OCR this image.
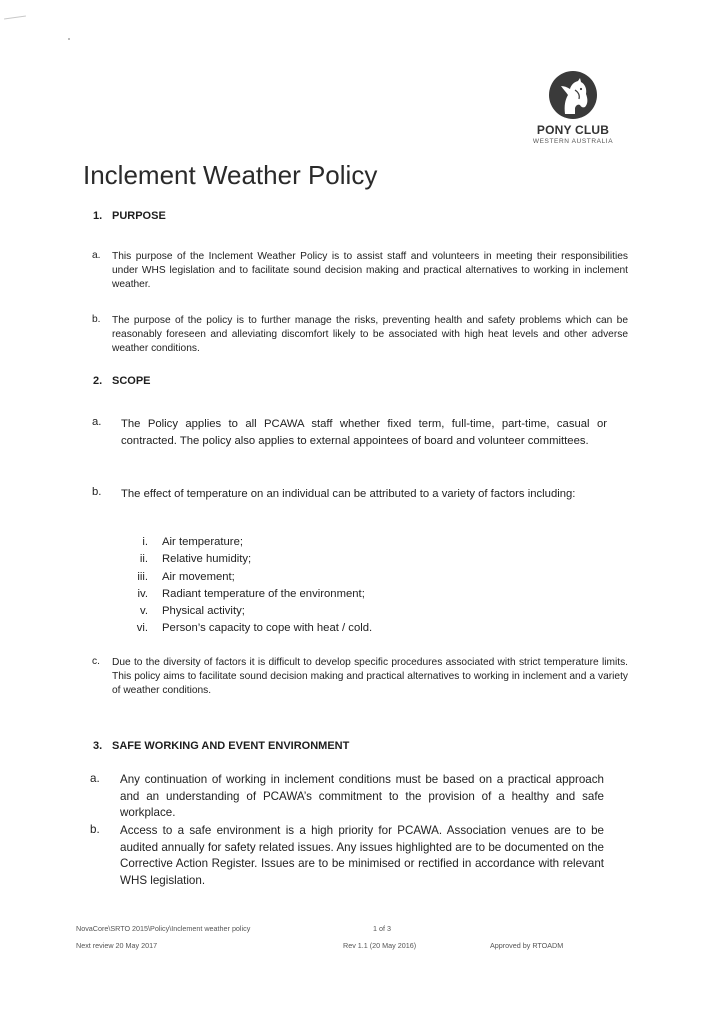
PONY CLUB
WESTERN AUSTRALIA
Inclement Weather Policy
1. PURPOSE
a. This purpose of the Inclement Weather Policy is to assist staff and volunteers in meeting their responsibilities under WHS legislation and to facilitate sound decision making and practical alternatives to working in inclement weather.
b. The purpose of the policy is to further manage the risks, preventing health and safety problems which can be reasonably foreseen and alleviating discomfort likely to be associated with high heat levels and other adverse weather conditions.
2. SCOPE
a. The Policy applies to all PCAWA staff whether fixed term, full-time, part-time, casual or contracted. The policy also applies to external appointees of board and volunteer committees.
b. The effect of temperature on an individual can be attributed to a variety of factors including:
i. Air temperature;
ii. Relative humidity;
iii. Air movement;
iv. Radiant temperature of the environment;
v. Physical activity;
vi. Person’s capacity to cope with heat / cold.
c. Due to the diversity of factors it is difficult to develop specific procedures associated with strict temperature limits. This policy aims to facilitate sound decision making and practical alternatives to working in inclement and a variety of weather conditions.
3. SAFE WORKING AND EVENT ENVIRONMENT
a. Any continuation of working in inclement conditions must be based on a practical approach and an understanding of PCAWA’s commitment to the provision of a healthy and safe workplace.
b. Access to a safe environment is a high priority for PCAWA. Association venues are to be audited annually for safety related issues. Any issues highlighted are to be documented on the Corrective Action Register. Issues are to be minimised or rectified in accordance with relevant WHS legislation.
NovaCore\SRTO 2015\Policy\Inclement weather policy	1 of 3
Next review 20 May 2017	Rev 1.1 (20 May 2016)	Approved by RTOADM
